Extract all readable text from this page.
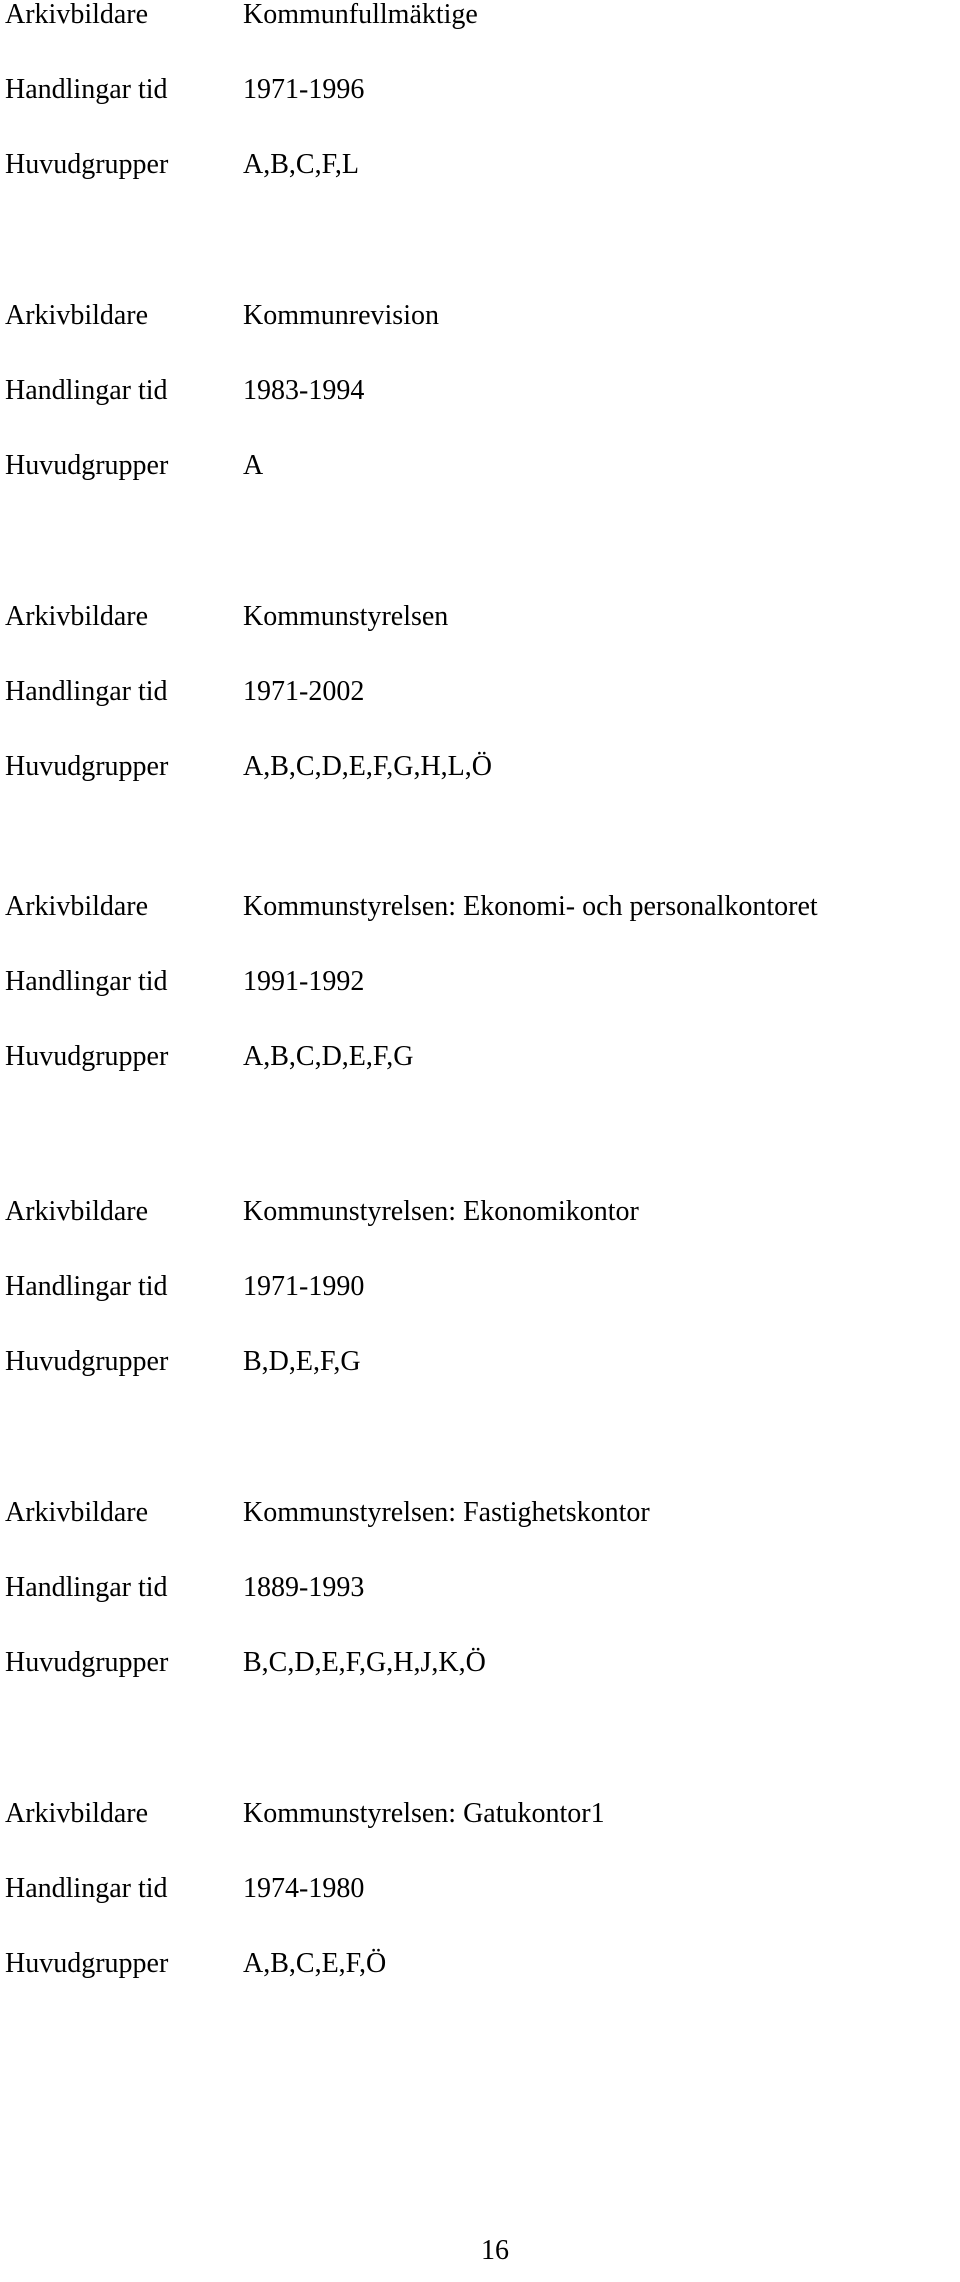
Arkivbildare	Kommunfullmäktige
Handlingar tid	1971-1996
Huvudgrupper	A,B,C,F,L
Arkivbildare	Kommunrevision
Handlingar tid	1983-1994
Huvudgrupper	A
Arkivbildare	Kommunstyrelsen
Handlingar tid	1971-2002
Huvudgrupper	A,B,C,D,E,F,G,H,L,Ö
Arkivbildare	Kommunstyrelsen: Ekonomi- och personalkontoret
Handlingar tid	1991-1992
Huvudgrupper	A,B,C,D,E,F,G
Arkivbildare	Kommunstyrelsen: Ekonomikontor
Handlingar tid	1971-1990
Huvudgrupper	B,D,E,F,G
Arkivbildare	Kommunstyrelsen: Fastighetskontor
Handlingar tid	1889-1993
Huvudgrupper	B,C,D,E,F,G,H,J,K,Ö
Arkivbildare	Kommunstyrelsen: Gatukontor1
Handlingar tid	1974-1980
Huvudgrupper	A,B,C,E,F,Ö
16
